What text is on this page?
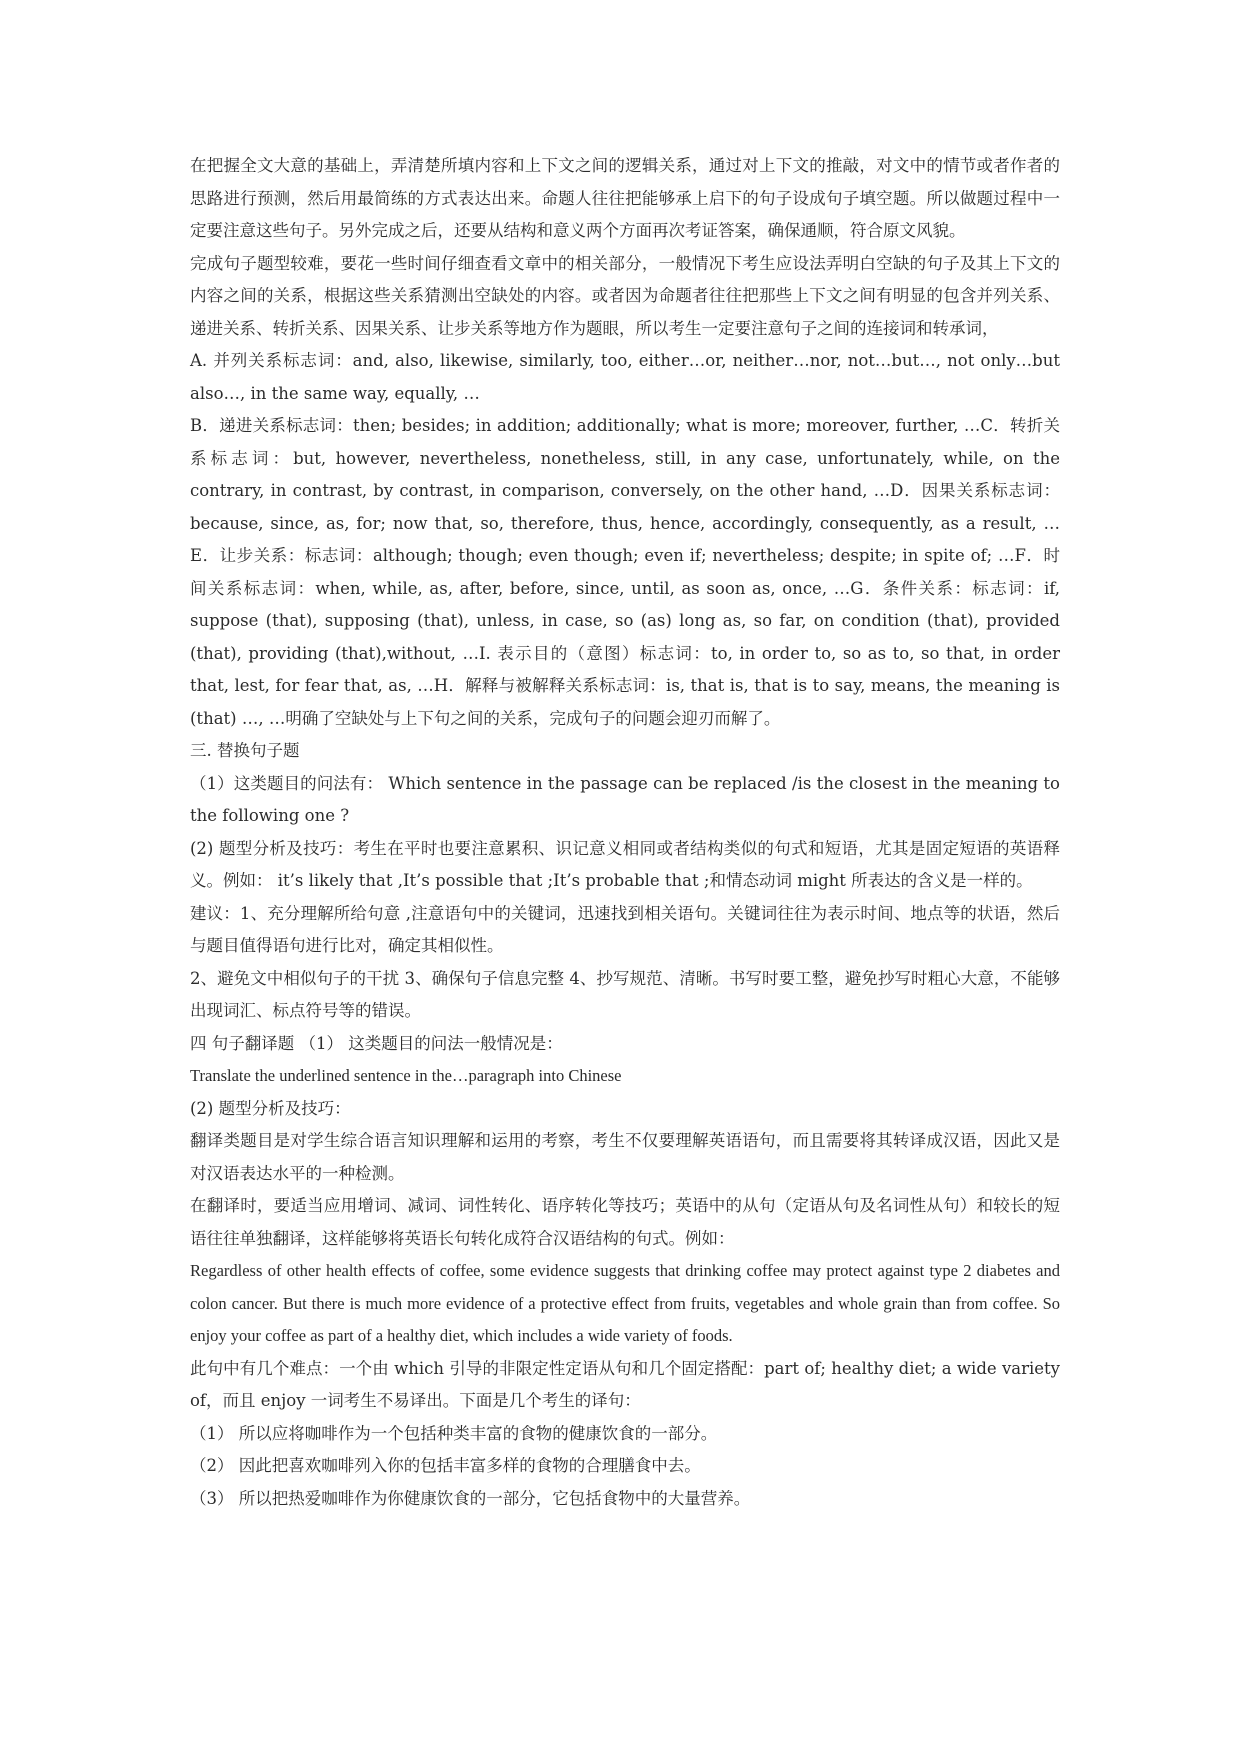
在把握全文大意的基础上，弄清楚所填内容和上下文之间的逻辑关系，通过对上下文的推敲，对文中的情节或者作者的思路进行预测，然后用最简练的方式表达出来。命题人往往把能够承上启下的句子设成句子填空题。所以做题过程中一定要注意这些句子。另外完成之后，还要从结构和意义两个方面再次考证答案，确保通顺，符合原文风貌。

完成句子题型较难，要花一些时间仔细查看文章中的相关部分，一般情况下考生应设法弄明白空缺的句子及其上下文的内容之间的关系，根据这些关系猜测出空缺处的内容。或者因为命题者往往把那些上下文之间有明显的包含并列关系、递进关系、转折关系、因果关系、让步关系等地方作为题眼，所以考生一定要注意句子之间的连接词和转承词，

A. 并列关系标志词：and, also, likewise, similarly, too, either…or, neither…nor, not…but…, not only…but also…, in the same way, equally, …

B．递进关系标志词：then; besides; in addition; additionally; what is more; moreover, further, …C．转折关系标志词：but, however, nevertheless, nonetheless, still, in any case, unfortunately, while, on the contrary, in contrast, by contrast, in comparison, conversely, on the other hand, …D．因果关系标志词：because, since, as, for; now that, so, therefore, thus, hence, accordingly, consequently, as a result, …E．让步关系：标志词：although; though; even though; even if; nevertheless; despite; in spite of; …F．时间关系标志词：when, while, as, after, before, since, until, as soon as, once, …G．条件关系：标志词：if, suppose (that), supposing (that), unless, in case, so (as) long as, so far, on condition (that), provided (that), providing (that),without, …I. 表示目的（意图）标志词：to, in order to, so as to, so that, in order that, lest, for fear that, as, …H．解释与被解释关系标志词：is, that is, that is to say, means, the meaning is (that) …, …明确了空缺处与上下句之间的关系，完成句子的问题会迎刃而解了。

三. 替换句子题

（1）这类题目的问法有： Which sentence in the passage can be replaced /is the closest in the meaning to the following one ?

(2) 题型分析及技巧：考生在平时也要注意累积、识记意义相同或者结构类似的句式和短语，尤其是固定短语的英语释义。例如： it’s likely that ,It’s possible that ;It’s probable that ;和情态动词 might 所表达的含义是一样的。

建议：1、充分理解所给句意 ,注意语句中的关键词，迅速找到相关语句。关键词往往为表示时间、地点等的状语，然后与题目值得语句进行比对，确定其相似性。

2、避免文中相似句子的干扰 3、确保句子信息完整 4、抄写规范、清晰。书写时要工整，避免抄写时粗心大意，不能够出现词汇、标点符号等的错误。

四 句子翻译题 （1） 这类题目的问法一般情况是：

Translate the underlined sentence in the…paragraph into Chinese

(2) 题型分析及技巧：

翻译类题目是对学生综合语言知识理解和运用的考察，考生不仅要理解英语语句，而且需要将其转译成汉语，因此又是对汉语表达水平的一种检测。

在翻译时，要适当应用增词、减词、词性转化、语序转化等技巧；英语中的从句（定语从句及名词性从句）和较长的短语往往单独翻译，这样能够将英语长句转化成符合汉语结构的句式。例如：

Regardless of other health effects of coffee, some evidence suggests that drinking coffee may protect against type 2 diabetes and colon cancer. But there is much more evidence of a protective effect from fruits, vegetables and whole grain than from coffee. So enjoy your coffee as part of a healthy diet, which includes a wide variety of foods.

此句中有几个难点：一个由 which 引导的非限定性定语从句和几个固定搭配：part of; healthy diet; a wide variety of，而且 enjoy 一词考生不易译出。下面是几个考生的译句：

（1） 所以应将咖啡作为一个包括种类丰富的食物的健康饮食的一部分。

（2） 因此把喜欢咖啡列入你的包括丰富多样的食物的合理膳食中去。

（3） 所以把热爱咖啡作为你健康饮食的一部分，它包括食物中的大量营养。
